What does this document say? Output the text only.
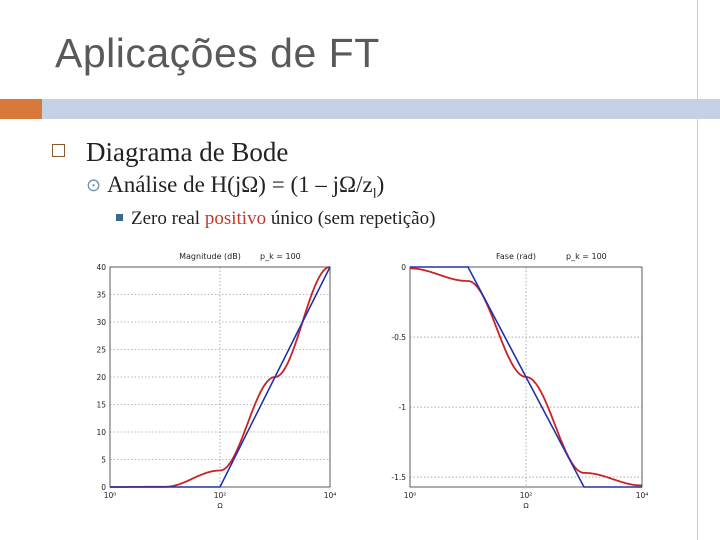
Aplicações de FT
Diagrama de Bode
⊙ Análise de $H(j\Omega) = (1 - j\Omega/z_l)$
Zero real positivo único (sem repetição)
Magnitude (dB) p_k = 100
10⁰	10²	10⁴
Ω
0
5
10
15
20
25
30
35
40
Fase (rad)	p_k = 100
10⁰	10²	10⁴
Ω
0
-0.5
-1
-1.5
